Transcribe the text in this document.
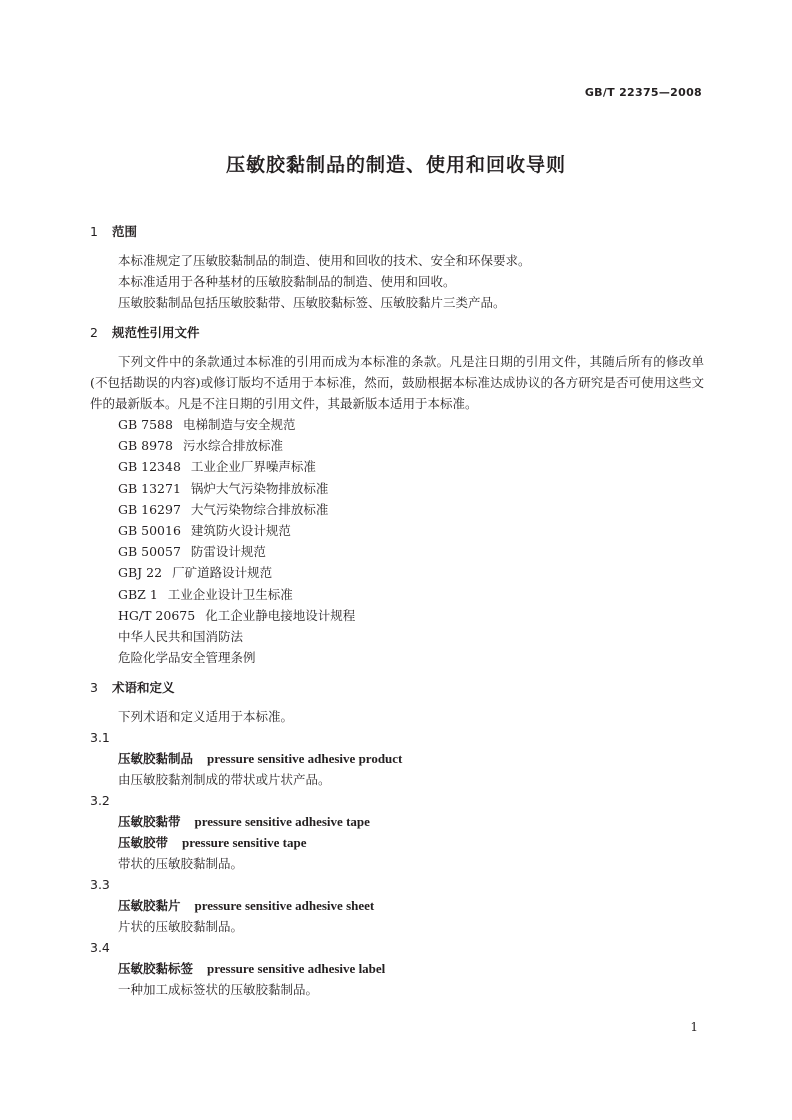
GB/T 22375—2008
压敏胶黏制品的制造、使用和回收导则
1 范围
本标准规定了压敏胶黏制品的制造、使用和回收的技术、安全和环保要求。
本标准适用于各种基材的压敏胶黏制品的制造、使用和回收。
压敏胶黏制品包括压敏胶黏带、压敏胶黏标签、压敏胶黏片三类产品。
2 规范性引用文件
下列文件中的条款通过本标准的引用而成为本标准的条款。凡是注日期的引用文件，其随后所有的修改单(不包括勘误的内容)或修订版均不适用于本标准，然而，鼓励根据本标准达成协议的各方研究是否可使用这些文件的最新版本。凡是不注日期的引用文件，其最新版本适用于本标准。
GB 7588 电梯制造与安全规范
GB 8978 污水综合排放标准
GB 12348 工业企业厂界噪声标准
GB 13271 锅炉大气污染物排放标准
GB 16297 大气污染物综合排放标准
GB 50016 建筑防火设计规范
GB 50057 防雷设计规范
GBJ 22 厂矿道路设计规范
GBZ 1 工业企业设计卫生标准
HG/T 20675 化工企业静电接地设计规程
中华人民共和国消防法
危险化学品安全管理条例
3 术语和定义
下列术语和定义适用于本标准。
3.1
压敏胶黏制品 pressure sensitive adhesive product
由压敏胶黏剂制成的带状或片状产品。
3.2
压敏胶黏带 pressure sensitive adhesive tape
压敏胶带 pressure sensitive tape
带状的压敏胶黏制品。
3.3
压敏胶黏片 pressure sensitive adhesive sheet
片状的压敏胶黏制品。
3.4
压敏胶黏标签 pressure sensitive adhesive label
一种加工成标签状的压敏胶黏制品。
1
